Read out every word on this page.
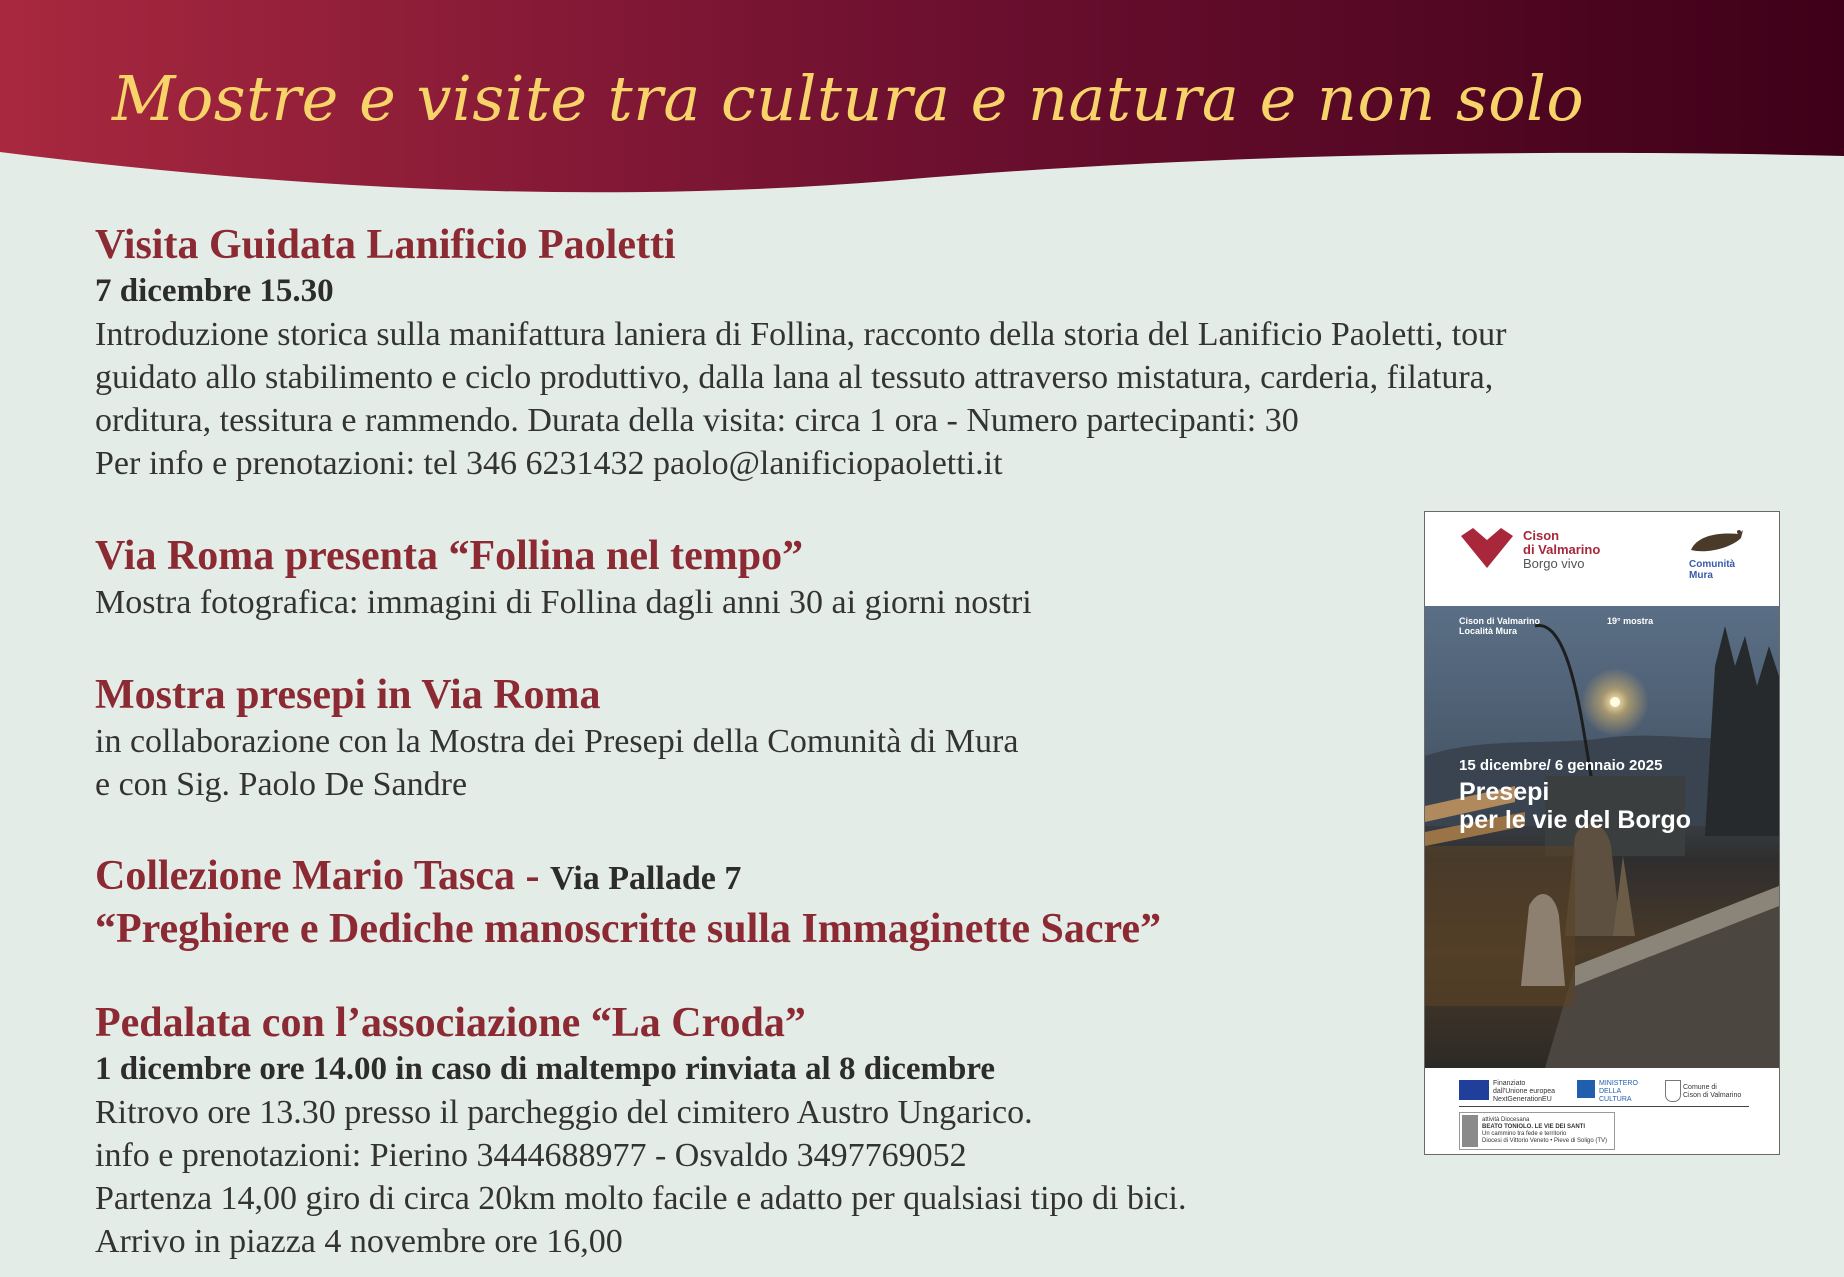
Mostre e visite tra cultura e natura e non solo
Visita Guidata Lanificio Paoletti
7 dicembre 15.30
Introduzione storica sulla manifattura laniera di Follina, racconto della storia del Lanificio Paoletti, tour
guidato allo stabilimento e ciclo produttivo, dalla lana al tessuto attraverso mistatura, carderia, filatura,
orditura, tessitura e rammendo. Durata della visita: circa 1 ora - Numero partecipanti: 30
Per info e prenotazioni: tel 346 6231432 paolo@lanificiopaoletti.it
Via Roma presenta “Follina nel tempo”
Mostra fotografica: immagini di Follina dagli anni 30 ai giorni nostri
Mostra presepi in Via Roma
in collaborazione con la Mostra dei Presepi della Comunità di Mura
e con Sig. Paolo De Sandre
Collezione Mario Tasca - Via Pallade 7
“Preghiere e Dediche manoscritte sulla Immaginette Sacre”
Pedalata con l’associazione “La Croda”
1 dicembre ore 14.00 in caso di maltempo rinviata al 8 dicembre
Ritrovo ore 13.30 presso il parcheggio del cimitero Austro Ungarico.
info e prenotazioni: Pierino 3444688977 - Osvaldo 3497769052
Partenza 14,00 giro di circa 20km molto facile e adatto per qualsiasi tipo di bici.
Arrivo in piazza 4 novembre ore 16,00
Cison
di Valmarino
Borgo vivo	Comunità
Mura
Cison di Valmarino
Località Mura
19° mostra
15 dicembre/ 6 gennaio 2025
Presepi
per le vie del Borgo
Finanziato
dall'Unione europea
NextGenerationEU
MINISTERO
DELLA
CULTURA
Comune di
Cison di Valmarino
attività Diocesana
BEATO TONIOLO. LE VIE DEI SANTI
Un cammino tra fede e territorio
Diocesi di Vittorio Veneto • Pieve di Soligo (TV)
